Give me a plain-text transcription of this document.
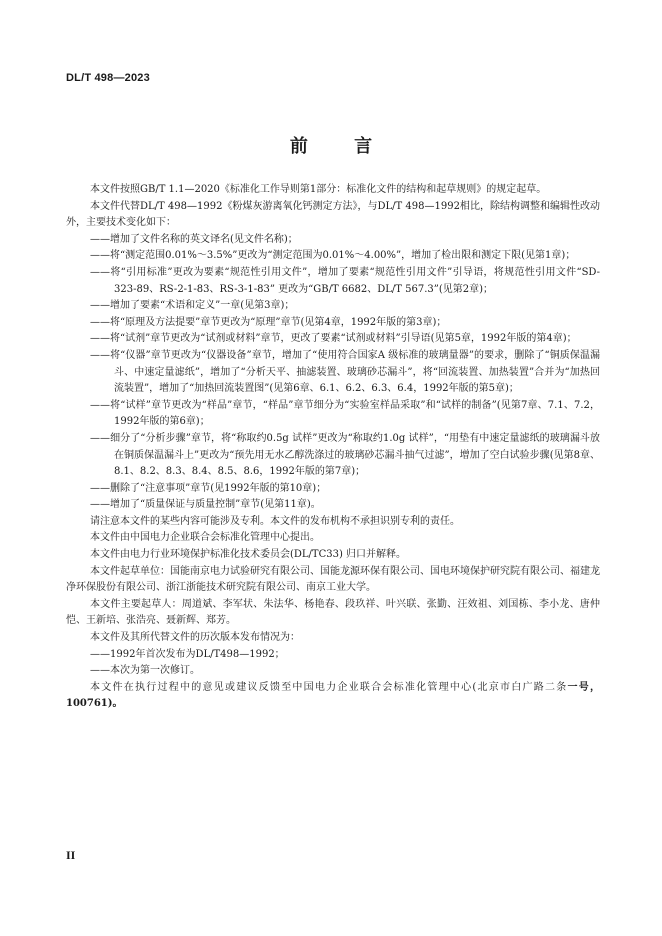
DL/T 498—2023
前 言

本文件按照GB/T 1.1—2020《标准化工作导则第1部分：标准化文件的结构和起草规则》的规定起草。

本文件代替DL/T 498—1992《粉煤灰游离氧化钙测定方法》，与DL/T 498—1992相比，除结构调整和编辑性改动外，主要技术变化如下：

——增加了文件名称的英文译名(见文件名称)；

——将“测定范围0.01%～3.5%”更改为“测定范围为0.01%～4.00%”，增加了检出限和测定下限(见第1章)；

——将“引用标准”更改为要素“规范性引用文件”，增加了要素“规范性引用文件”引导语，将规范性引用文件“SD-323-89、RS-2-1-83、RS-3-1-83” 更改为“GB/T 6682、DL/T 567.3”(见第2章)；

——增加了要素“术语和定义”一章(见第3章)；

——将“原理及方法提要”章节更改为“原理”章节(见第4章，1992年版的第3章)；

——将“试剂”章节更改为“试剂或材料”章节，更改了要素“试剂或材料”引导语(见第5章，1992年版的第4章)；

——将“仪器”章节更改为“仪器设备”章节，增加了“使用符合国家A 级标准的玻璃量器”的要求，删除了“铜质保温漏斗、中速定量滤纸”，增加了“分析天平、抽滤装置、玻璃砂芯漏斗”，将“回流装置、加热装置”合并为“加热回流装置”，增加了“加热回流装置图”(见第6章、6.1、6.2、6.3、6.4，1992年版的第5章)；

——将“试样”章节更改为“样品”章节，“样品”章节细分为“实验室样品采取”和“试样的制备”(见第7章、7.1、7.2，1992年版的第6章)；

——细分了“分析步骤”章节，将“称取约0.5g 试样”更改为“称取约1.0g 试样”，“用垫有中速定量滤纸的玻璃漏斗放在铜质保温漏斗上”更改为“预先用无水乙醇洗涤过的玻璃砂芯漏斗抽气过滤”，增加了空白试验步骤(见第8章、8.1、8.2、8.3、8.4、8.5、8.6，1992年版的第7章)；

——删除了“注意事项”章节(见1992年版的第10章)；

——增加了“质量保证与质量控制”章节(见第11章)。

请注意本文件的某些内容可能涉及专利。本文件的发布机构不承担识别专利的责任。

本文件由中国电力企业联合会标准化管理中心提出。

本文件由电力行业环境保护标准化技术委员会(DL/TC33) 归口并解释。

本文件起草单位：国能南京电力试验研究有限公司、国能龙源环保有限公司、国电环境保护研究院有限公司、福建龙净环保股份有限公司、浙江浙能技术研究院有限公司、南京工业大学。

本文件主要起草人：周道斌、李军状、朱法华、杨艳春、段玖祥、叶兴联、张勤、汪效祖、刘国栋、李小龙、唐仲恺、王新培、张浩亮、聂新辉、郑芳。

本文件及其所代替文件的历次版本发布情况为：

——1992年首次发布为DL/T498—1992；

——本次为第一次修订。

本文件在执行过程中的意见或建议反馈至中国电力企业联合会标准化管理中心(北京市白广路二条一号，100761)。

II
